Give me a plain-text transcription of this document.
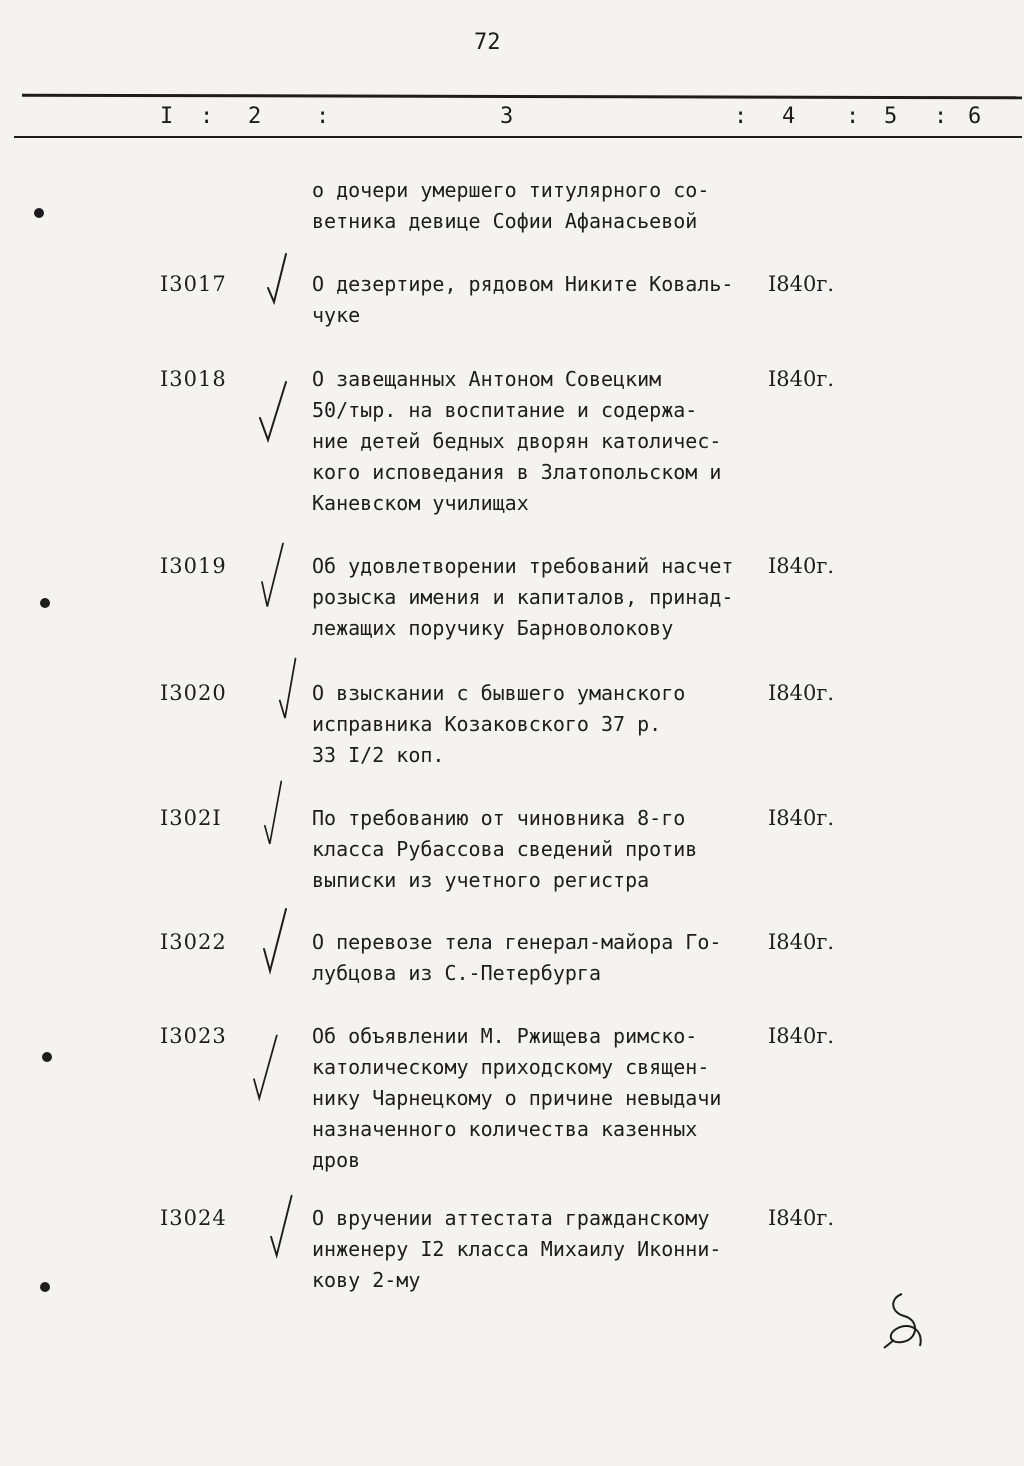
72
I : 2 :	3	: 4 : 5 : 6
о дочери умершего титулярного со-
ветника девице Софии Афанасьевой
I3017	О дезертире, рядовом Никите Коваль-
чуке
I840г.
I3018	О завещанных Антоном Совецким
50/тыр. на воспитание и содержа-
ние детей бедных дворян католичес-
кого исповедания в Златопольском и
Каневском училищах
I840г.
I3019	Об удовлетворении требований насчет
розыска имения и капиталов, принад-
лежащих поручику Барноволокову
I840г.
I3020	О взыскании с бывшего уманского
исправника Козаковского 37 р.
33 I/2 коп.
I840г.
I302I	По требованию от чиновника 8-го
класса Рубассова сведений против
выписки из учетного регистра
I840г.
I3022	О перевозе тела генерал-майора Го-
лубцова из С.-Петербурга
I840г.
I3023	Об объявлении М. Ржищева римско-
католическому приходскому священ-
нику Чарнецкому о причине невыдачи
назначенного количества казенных
дров
I840г.
I3024	О вручении аттестата гражданскому
инженеру I2 класса Михаилу Иконни-
кову 2-му
I840г.
